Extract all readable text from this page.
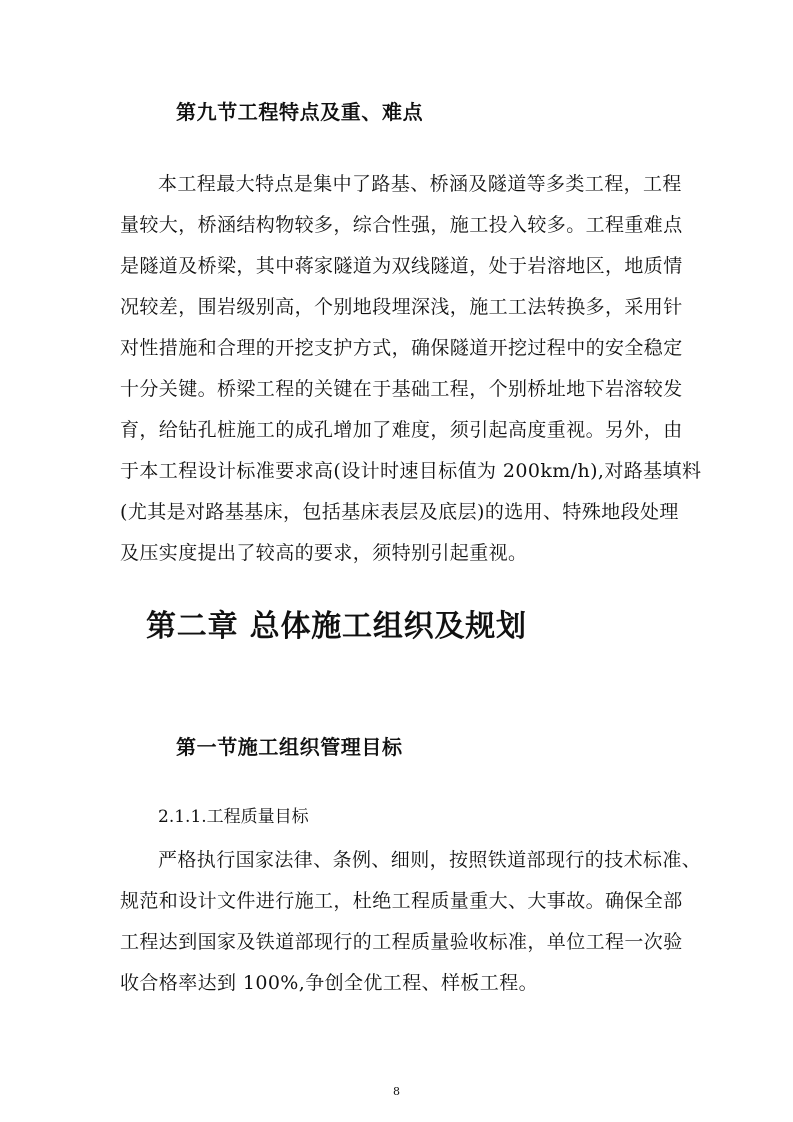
第九节工程特点及重、难点
本工程最大特点是集中了路基、桥涵及隧道等多类工程，工程
量较大，桥涵结构物较多，综合性强，施工投入较多。工程重难点
是隧道及桥梁，其中蒋家隧道为双线隧道，处于岩溶地区，地质情
况较差，围岩级别高，个别地段埋深浅，施工工法转换多，采用针
对性措施和合理的开挖支护方式，确保隧道开挖过程中的安全稳定
十分关键。桥梁工程的关键在于基础工程，个别桥址地下岩溶较发
育，给钻孔桩施工的成孔增加了难度，须引起高度重视。另外，由
于本工程设计标准要求高(设计时速目标值为 200km/h),对路基填料
(尤其是对路基基床，包括基床表层及底层)的选用、特殊地段处理
及压实度提出了较高的要求，须特别引起重视。
第二章 总体施工组织及规划
第一节施工组织管理目标
2.1.1.工程质量目标
严格执行国家法律、条例、细则，按照铁道部现行的技术标准、
规范和设计文件进行施工，杜绝工程质量重大、大事故。确保全部
工程达到国家及铁道部现行的工程质量验收标准，单位工程一次验
收合格率达到 100%,争创全优工程、样板工程。
8
